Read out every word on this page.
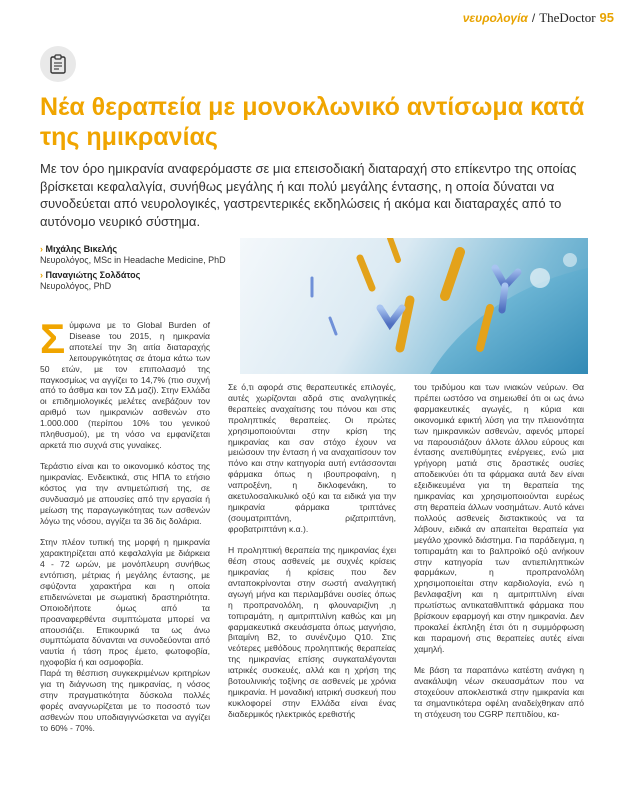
νευρολογία / TheDoctor 95
Νέα θεραπεία με μονοκλωνικό αντίσωμα κατά της ημικρανίας

Με τον όρο ημικρανία αναφερόμαστε σε μια επεισοδιακή διαταραχή στο επίκεντρο της οποίας βρίσκεται κεφαλαλγία, συνήθως μεγάλης ή και πολύ μεγάλης έντασης, η οποία δύναται να συνοδεύεται από νευρολογικές, γαστρεντερικές εκδηλώσεις ή ακόμα και διαταραχές από το αυτόνομο νευρικό σύστημα.

› Μιχάλης Βικελής
Νευρολόγος, MSc in Headache Medicine, PhD
› Παναγιώτης Σολδάτος
Νευρολόγος, PhD

Σύμφωνα με το Global Burden of Disease του 2015, η ημικρανία αποτελεί την 3η αιτία διαταραχής λειτουργικότητας σε άτομα κάτω των 50 ετών, με τον επιπολασμό της παγκοσμίως να αγγίζει το 14,7% (πιο συχνή από το άσθμα και τον ΣΔ μαζί). Στην Ελλάδα οι επιδημιολογικές μελέτες ανεβάζουν τον αριθμό των ημικρανιών ασθενών στο 1.000.000 (περίπου 10% του γενικού πληθυσμού), με τη νόσο να εμφανίζεται αρκετά πιο συχνά στις γυναίκες.

Τεράστιο είναι και το οικονομικό κόστος της ημικρανίας. Ενδεικτικά, στις ΗΠΑ το ετήσιο κόστος για την αντιμετώπισή της, σε συνδυασμό με απουσίες από την εργασία ή μείωση της παραγωγικότητας των ασθενών λόγω της νόσου, αγγίζει τα 36 δις δολάρια.

Στην πλέον τυπική της μορφή η ημικρανία χαρακτηρίζεται από κεφαλαλγία με διάρκεια 4 - 72 ωρών, με μονόπλευρη συνήθως εντόπιση, μέτριας ή μεγάλης έντασης, με σφύζοντα χαρακτήρα και η οποία επιδεινώνεται με σωματική δραστηριότητα. Οποιοδήποτε όμως από τα προαναφερθέντα συμπτώματα μπορεί να απουσιάζει. Επικουρικά τα ως άνω συμπτώματα δύνανται να συνοδεύονται από ναυτία ή τάση προς έμετο, φωτοφοβία, ηχοφοβία ή και οσμοφοβία.

Παρά τη θέσπιση συγκεκριμένων κριτηρίων για τη διάγνωση της ημικρανίας, η νόσος στην πραγματικότητα δύσκολα πολλές φορές αναγνωρίζεται με το ποσοστό των ασθενών που υποδιαγιγνώσκεται να αγγίζει το 60% - 70%.

Σε ό,τι αφορά στις θεραπευτικές επιλογές, αυτές χωρίζονται αδρά στις αναλγητικές θεραπείες αναχαίτισης του πόνου και στις προληπτικές θεραπείες. Οι πρώτες χρησιμοποιούνται στην κρίση της ημικρανίας και σαν στόχο έχουν να μειώσουν την ένταση ή να αναχαιτίσουν τον πόνο και στην κατηγορία αυτή εντάσσονται φάρμακα όπως η ιβουπροφαίνη, η ναπροξένη, η δικλοφενάκη, το ακετυλοσαλικυλικό οξύ και τα ειδικά για την ημικρανία φάρμακα τριπτάνες (σουματριπτάνη, ριζατριπτάνη, φροβατριπτάνη κ.α.).

Η προληπτική θεραπεία της ημικρανίας έχει θέση στους ασθενείς με συχνές κρίσεις ημικρανίας ή κρίσεις που δεν ανταποκρίνονται στην σωστή αναλγητική αγωγή μήνα και περιλαμβάνει ουσίες όπως η προπρανολόλη, η φλουναριζίνη ,η τοπιραμάτη, η αμιτριπτιλίνη καθώς και μη φαρμακευτικά σκευάσματα όπως μαγνήσιο, βιταμίνη Β2, το συνένζυμο Q10. Στις νεότερες μεθόδους προληπτικής θεραπείας της ημικρανίας επίσης συγκαταλέγονται ιατρικές συσκευές, αλλά και η χρήση της βοτουλινικής τοξίνης σε ασθενείς με χρόνια ημικρανία. Η μοναδική ιατρική συσκευή που κυκλοφορεί στην Ελλάδα είναι ένας διαδερμικός ηλεκτρικός ερεθιστής

του τριδύμου και των ινιακών νεύρων. Θα πρέπει ωστόσο να σημειωθεί ότι οι ως άνω φαρμακευτικές αγωγές, η κύρια και οικονομικά εφικτή λύση για την πλειονότητα των ημικρανικών ασθενών, αφενός μπορεί να παρουσιάζουν άλλοτε άλλου εύρους και έντασης ανεπιθύμητες ενέργειες, ενώ μια γρήγορη ματιά στις δραστικές ουσίες αποδεικνύει ότι τα φάρμακα αυτά δεν είναι εξειδικευμένα για τη θεραπεία της ημικρανίας και χρησιμοποιούνται ευρέως στη θεραπεία άλλων νοσημάτων. Αυτό κάνει πολλούς ασθενείς διστακτικούς να τα λάβουν, ειδικά αν απαιτείται θεραπεία για μεγάλο χρονικό διάστημα. Για παράδειγμα, η τοπιραμάτη και το βαλπροϊκό οξύ ανήκουν στην κατηγορία των αντιεπιληπτικών φαρμάκων, η προπρανολόλη χρησιμοποιείται στην καρδιολογία, ενώ η βενλαφαξίνη και η αμιτριπτιλίνη είναι πρωτίστως αντικαταθλιπτικά φάρμακα που βρίσκουν εφαρμογή και στην ημικρανία. Δεν προκαλεί έκπληξη έτσι ότι η συμμόρφωση και παραμονή στις θεραπείες αυτές είναι χαμηλή.

Με βάση τα παραπάνω κατέστη ανάγκη η ανακάλυψη νέων σκευασμάτων που να στοχεύουν αποκλειστικά στην ημικρανία και τα σημαντικότερα οφέλη αναδείχθηκαν από τη στόχευση του CGRP πεπτιδίου, κα-
